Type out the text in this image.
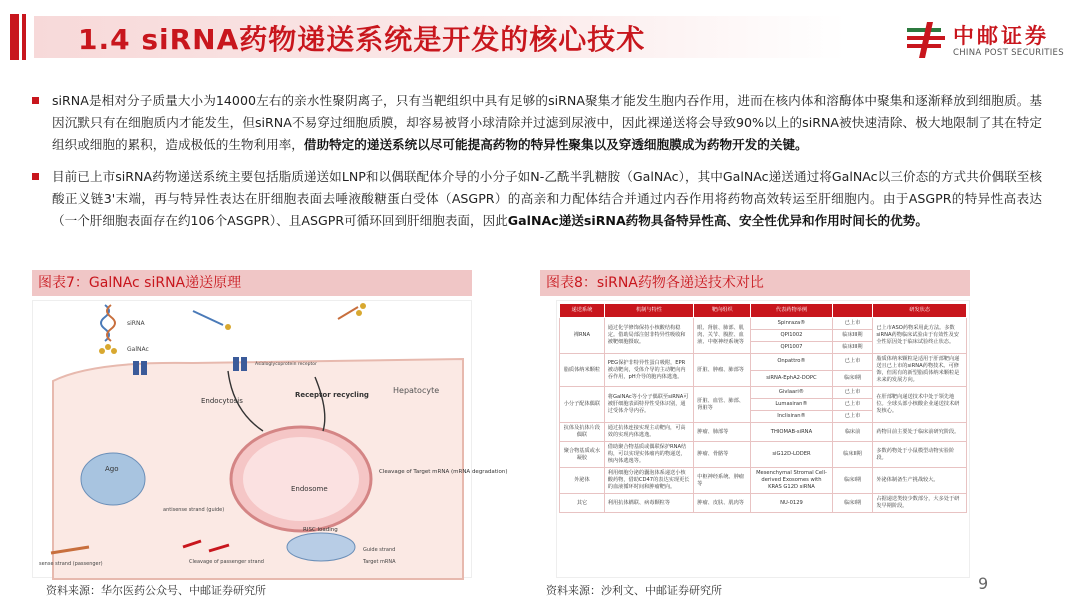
1.4 siRNA药物递送系统是开发的核心技术	中邮证券
CHINA POST SECURITIES
siRNA是相对分子质量大小为14000左右的亲水性聚阴离子，只有当靶组织中具有足够的siRNA聚集才能发生胞内吞作用，进而在核内体和溶酶体中聚集和逐渐释放到细胞质。基因沉默只有在细胞质内才能发生，但siRNA不易穿过细胞质膜，却容易被肾小球清除并过滤到尿液中，因此裸递送将会导致90%以上的siRNA被快速清除、极大地限制了其在特定组织或细胞的累积，造成极低的生物利用率，借助特定的递送系统以尽可能提高药物的特异性聚集以及穿透细胞膜成为药物开发的关键。
目前已上市siRNA药物递送系统主要包括脂质递送如LNP和以偶联配体介导的小分子如N-乙酰半乳糖胺（GalNAc），其中GalNAc递送通过将GalNAc以三价态的方式共价偶联至核酸正义链3'末端，再与特异性表达在肝细胞表面去唾液酸糖蛋白受体（ASGPR）的高亲和力配体结合并通过内吞作用将药物高效转运至肝细胞内。由于ASGPR的特异性高表达（一个肝细胞表面存在约106个ASGPR）、且ASGPR可循环回到肝细胞表面，因此GalNAc递送siRNA药物具备特异性高、安全性优异和作用时间长的优势。
图表7：GalNAc siRNA递送原理
Hepatocyte
siRNA
GalNAc
Asialoglycoprotein receptor
Endocytosis
Receptor recycling
Endosome
Ago
antisense strand (guide)
RISC loading
Guide strand
Target mRNA
Cleavage of Target mRNA (mRNA degradation)
sense strand (passenger)	Cleavage of passenger strand
资料来源：华尔医药公众号、中邮证券研究所
图表8：siRNA药物各递送技术对比
递送系统	机制与特性	靶向组织	代表药物举例		研发状态
裸RNA	通过化学修饰保持小核酸结构稳定。借助局部注射非特异性吸收和被靶细胞摄取。	眼、肾脏、肺部、肌肉、关节、腹腔、血液、中枢神经系统等	Spinraza®	已上市	已上市ASO药物采用此方法。多数siRNA药物临床试验由于有效性及安全性原因处于临床试验终止状态。
			QPI1002	临床III期	
			QPI1007	临床III期	
脂质体纳米颗粒	PEG保护非特异性蛋白吸附，EPR被动靶向，受体介导的主动靶向内吞作用，pH介导的胞内体逃逸。	肝脏、肿瘤、肺部等	Onpattro®	已上市	脂质体纳米颗粒是适用于肝部靶向递送且已上市的siRNA药物技术。可修饰，但需有的新型脂质体纳米颗粒是未来的发展方向。
			siRNA-EphA2-DOPC	临床I期	
小分子配体偶联	将GalNAc等小分子偶联至siRNA可被肝细胞表面特异性受体识别，通过受体介导内吞。	肝脏、血管、肺部、肾脏等	Givlaari®	已上市	在肝部靶向递送技术中处于领先地位。全球头部小核酸企业递送技术研发核心。
			Lumasiran®	已上市	
			Inclisiran®	已上市	
抗体及抗体片段偶联	通过抗体连接实现主动靶向，可高效的实现内体逃逸。	肿瘤、肺部等	THIOMAB-siRNA	临床前	药物目前主要处于临床前研究阶段。
聚合物基质或水凝胶	借助聚合物基质或偶联保护RNA结构，可以实现实体瘤内的物递送，核内体逃逸等。	肿瘤、骨骼等	siG12D-LODER	临床II期	多数药物处于小鼠模型动物实验阶段。
外泌体	利用细胞分泌的囊泡体系递送小核酸药物，借助CD47的表达实现更长的血液循环时间和肿瘤靶向。	中枢神经系统、肿瘤等	Mesenchymal Stromal Cell-derived Exosomes with KRAS G12D siRNA	临床I期	外泌体制备生产挑战较大。
其它	利用抗体耦联、病毒颗粒等	肿瘤、皮肤、肌肉等	NU-0129	临床I期	占据递送类较少数部分，大多处于研发早期阶段。
资料来源：沙利文、中邮证券研究所	9
